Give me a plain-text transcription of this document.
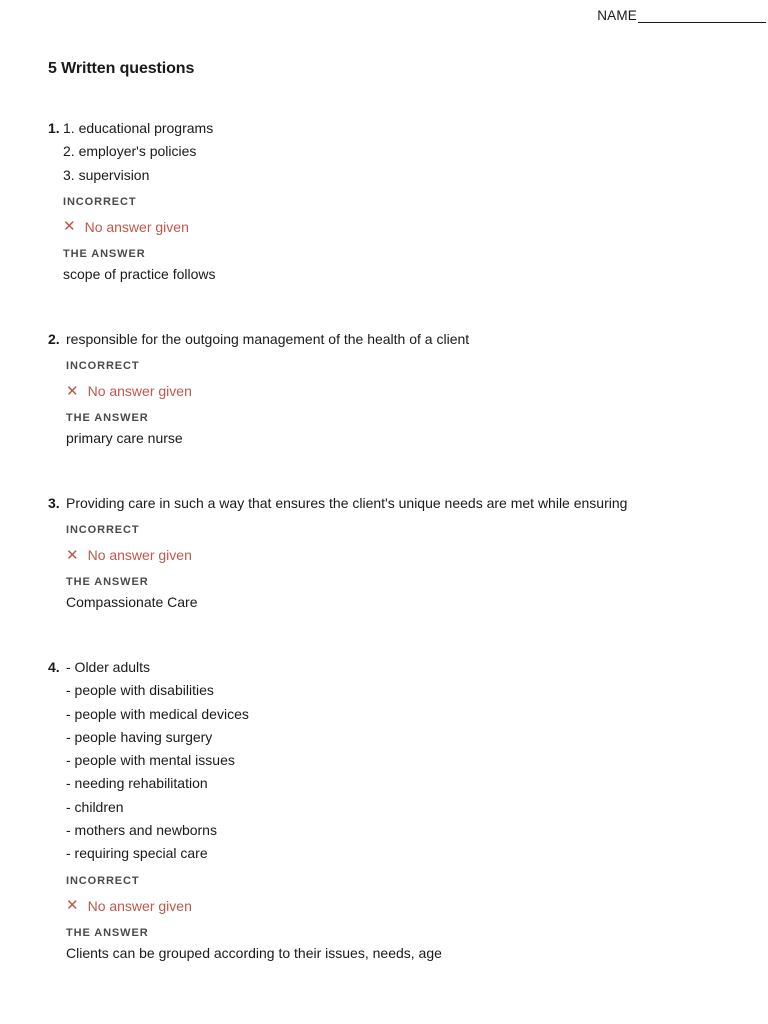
NAME
5 Written questions
1. 1. educational programs
2. employer's policies
3. supervision
INCORRECT
✕ No answer given
THE ANSWER
scope of practice follows
2. responsible for the outgoing management of the health of a client
INCORRECT
✕ No answer given
THE ANSWER
primary care nurse
3. Providing care in such a way that ensures the client's unique needs are met while ensuring
INCORRECT
✕ No answer given
THE ANSWER
Compassionate Care
4. - Older adults
- people with disabilities
- people with medical devices
- people having surgery
- people with mental issues
- needing rehabilitation
- children
- mothers and newborns
- requiring special care
INCORRECT
✕ No answer given
THE ANSWER
Clients can be grouped according to their issues, needs, age
